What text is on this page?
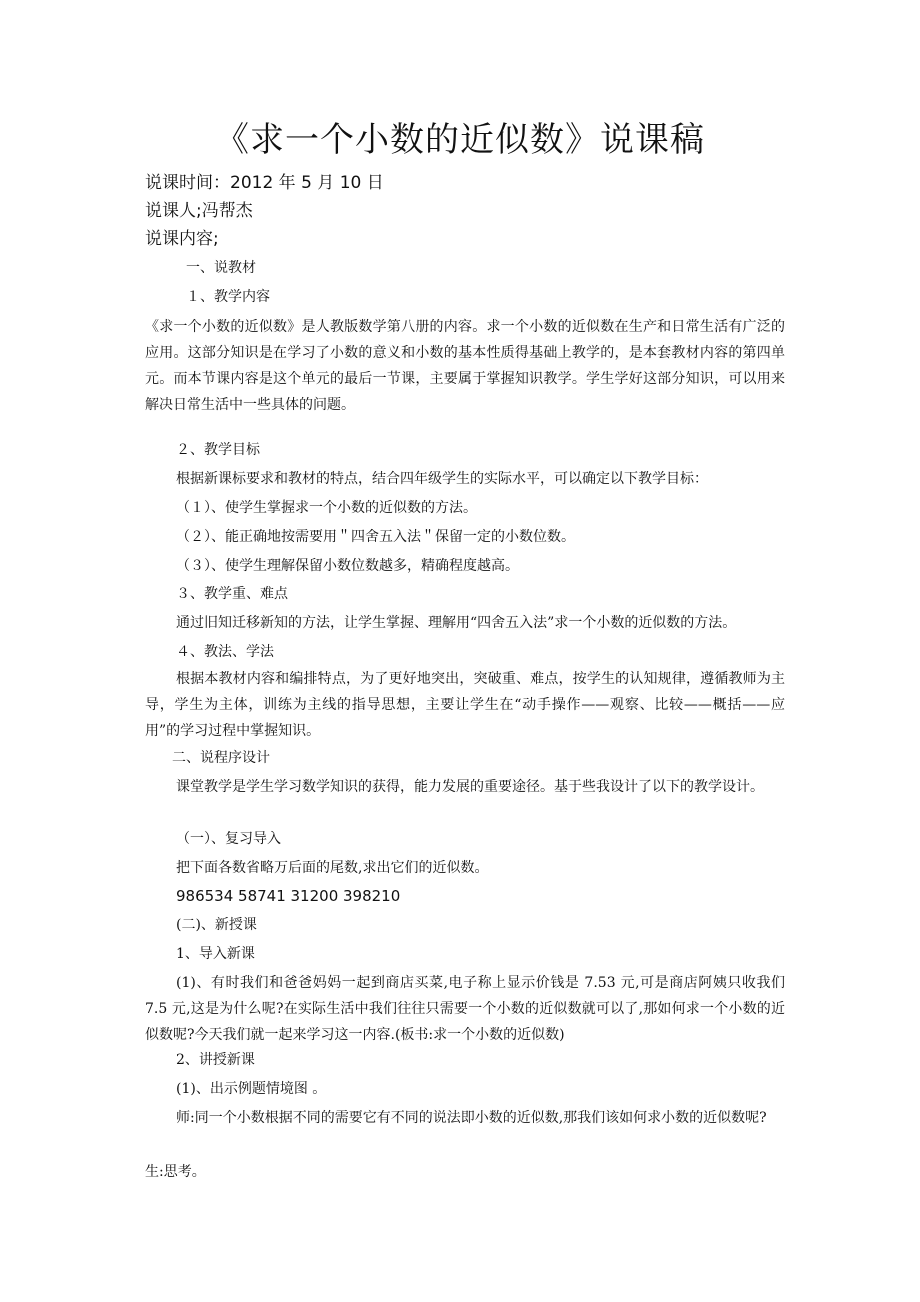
《求一个小数的近似数》说课稿

说课时间：2012 年 5 月 10 日

说课人;冯帮杰

说课内容;

一、说教材

１、教学内容

《求一个小数的近似数》是人教版数学第八册的内容。求一个小数的近似数在生产和日常生活有广泛的应用。这部分知识是在学习了小数的意义和小数的基本性质得基础上教学的，是本套教材内容的第四单元。而本节课内容是这个单元的最后一节课，主要属于掌握知识教学。学生学好这部分知识，可以用来解决日常生活中一些具体的问题。

２、教学目标

根据新课标要求和教材的特点，结合四年级学生的实际水平，可以确定以下教学目标：

（１）、使学生掌握求一个小数的近似数的方法。

（２）、能正确地按需要用＂四舍五入法＂保留一定的小数位数。

（３）、使学生理解保留小数位数越多，精确程度越高。

３、教学重、难点

通过旧知迁移新知的方法，让学生掌握、理解用“四舍五入法”求一个小数的近似数的方法。

４、教法、学法

根据本教材内容和编排特点，为了更好地突出，突破重、难点，按学生的认知规律，遵循教师为主导，学生为主体，训练为主线的指导思想，主要让学生在“动手操作——观察、比较——概括——应用”的学习过程中掌握知识。

二、说程序设计

课堂教学是学生学习数学知识的获得，能力发展的重要途径。基于些我设计了以下的教学设计。

（一）、复习导入

把下面各数省略万后面的尾数,求出它们的近似数。

986534 58741 31200 398210

(二)、新授课

1、导入新课

(1)、有时我们和爸爸妈妈一起到商店买菜,电子称上显示价钱是 7.53 元,可是商店阿姨只收我们 7.5 元,这是为什么呢?在实际生活中我们往往只需要一个小数的近似数就可以了,那如何求一个小数的近似数呢?今天我们就一起来学习这一内容.(板书:求一个小数的近似数)

2、讲授新课

(1)、出示例题情境图 。

师:同一个小数根据不同的需要它有不同的说法即小数的近似数,那我们该如何求小数的近似数呢?

生:思考。
